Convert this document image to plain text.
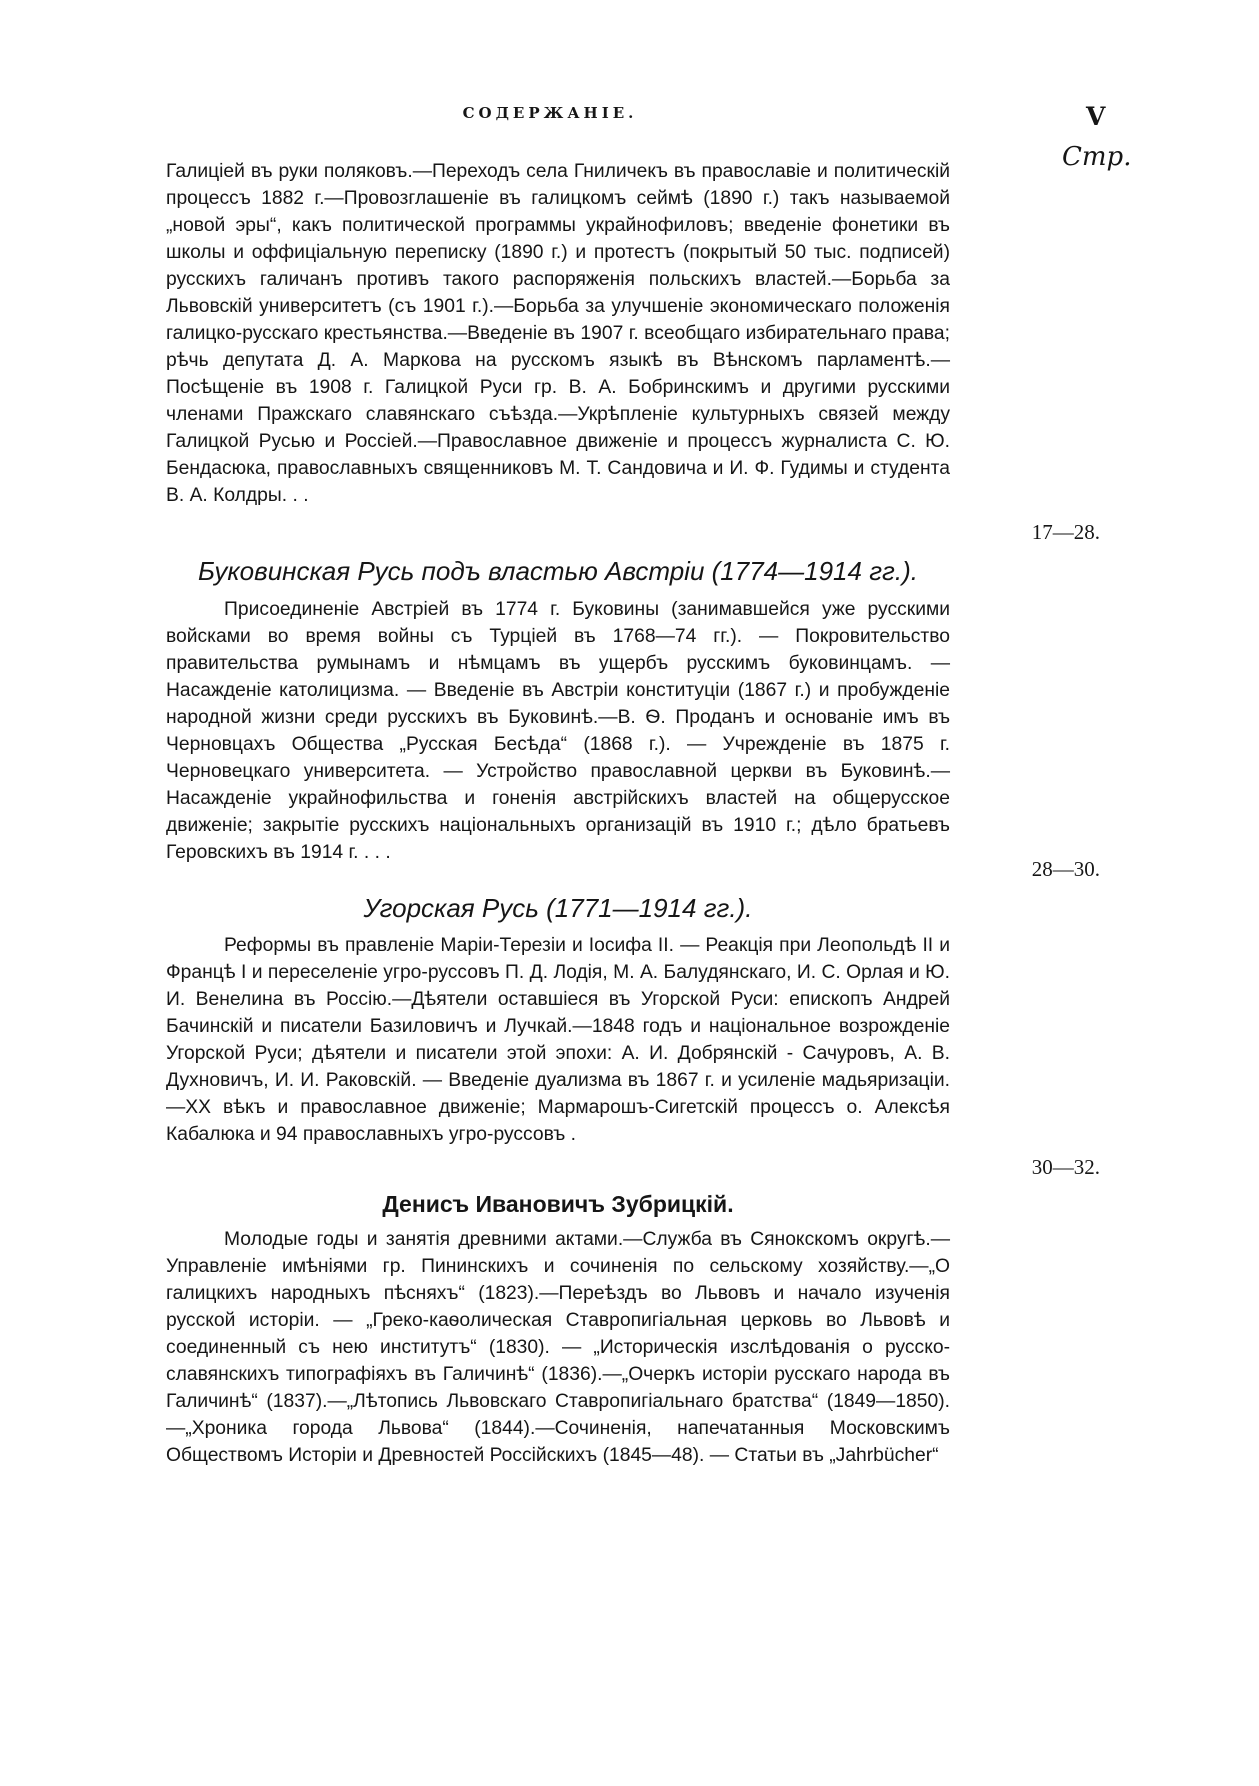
СОДЕРЖАНІЕ.	V
Стр.
Галиціей въ руки поляковъ.—Переходъ села Гниличекъ въ православіе и политическій процессъ 1882 г.—Провозглашеніе въ галицкомъ сеймѣ (1890 г.) такъ называемой „новой эры“, какъ политической программы украйнофиловъ; введеніе фонетики въ школы и оффиціальную переписку (1890 г.) и протестъ (покрытый 50 тыс. подписей) русскихъ галичанъ противъ такого распоряженія польскихъ властей.—Борьба за Львовскій университетъ (съ 1901 г.).—Борьба за улучшеніе экономическаго положенія галицко-русскаго крестьянства.—Введеніе въ 1907 г. всеобщаго избирательнаго права; рѣчь депутата Д. А. Маркова на русскомъ языкѣ въ Вѣнскомъ парламентѣ.—Посѣщеніе въ 1908 г. Галицкой Руси гр. В. А. Бобринскимъ и другими русскими членами Пражскаго славянскаго съѣзда.—Укрѣпленіе культурныхъ связей между Галицкой Русью и Россіей.—Православное движеніе и процессъ журналиста С. Ю. Бендасюка, православныхъ священниковъ М. Т. Сандовича и И. Ф. Гудимы и студента В. А. Колдры. . .
17—28.
Буковинская Русь подъ властью Австріи (1774—1914 гг.).
Присоединеніе Австріей въ 1774 г. Буковины (занимавшейся уже русскими войсками во время войны съ Турціей въ 1768—74 гг.). — Покровительство правительства румынамъ и нѣмцамъ въ ущербъ русскимъ буковинцамъ. — Насажденіе католицизма. — Введеніе въ Австріи конституціи (1867 г.) и пробужденіе народной жизни среди русскихъ въ Буковинѣ.—В. Ѳ. Проданъ и основаніе имъ въ Черновцахъ Общества „Русская Бесѣда“ (1868 г.). — Учрежденіе въ 1875 г. Черновецкаго университета. — Устройство православной церкви въ Буковинѣ.—Насажденіе украйнофильства и гоненія австрійскихъ властей на общерусское движеніе; закрытіе русскихъ національныхъ организацій въ 1910 г.; дѣло братьевъ Геровскихъ въ 1914 г. . . .
28—30.
Угорская Русь (1771—1914 гг.).
Реформы въ правленіе Маріи-Терезіи и Іосифа II. — Реакція при Леопольдѣ II и Францѣ I и переселеніе угро-руссовъ П. Д. Лодія, М. А. Балудянскаго, И. С. Орлая и Ю. И. Венелина въ Россію.—Дѣятели оставшіеся въ Угорской Руси: епископъ Андрей Бачинскій и писатели Базиловичъ и Лучкай.—1848 годъ и національное возрожденіе Угорской Руси; дѣятели и писатели этой эпохи: А. И. Добрянскій - Сачуровъ, А. В. Духновичъ, И. И. Раковскій. — Введеніе дуализма въ 1867 г. и усиленіе мадьяризаціи.—XX вѣкъ и православное движеніе; Мармарошъ-Сигетскій процессъ о. Алексѣя Кабалюка и 94 православныхъ угро-руссовъ .
30—32.
Денисъ Ивановичъ Зубрицкій.
Молодые годы и занятія древними актами.—Служба въ Сянокскомъ округѣ.—Управленіе имѣніями гр. Пининскихъ и сочиненія по сельскому хозяйству.—„О галицкихъ народныхъ пѣсняхъ“ (1823).—Переѣздъ во Львовъ и начало изученія русской исторіи. — „Греко-каѳолическая Ставропигіальная церковь во Львовѣ и соединенный съ нею институтъ“ (1830). — „Историческія изслѣдованія о русско-славянскихъ типографіяхъ въ Галичинѣ“ (1836).—„Очеркъ исторіи русскаго народа въ Галичинѣ“ (1837).—„Лѣтопись Львовскаго Ставропигіальнаго братства“ (1849—1850).—„Хроника города Львова“ (1844).—Сочиненія, напечатанныя Московскимъ Обществомъ Исторіи и Древностей Россійскихъ (1845—48). — Статьи въ „Jahrbücher“
